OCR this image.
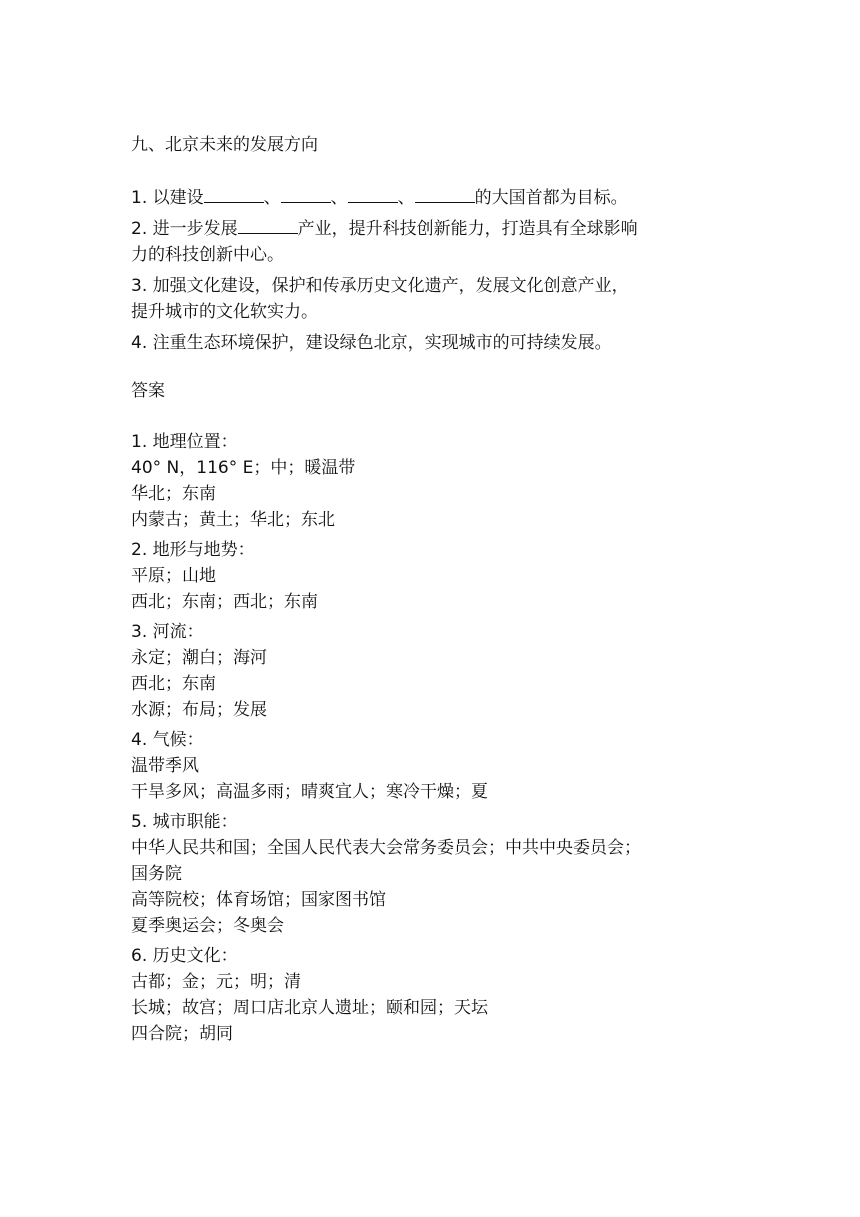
九、北京未来的发展方向

1. 以建设	、	、	、	的大国首都为目标。

2. 进一步发展	产业，提升科技创新能力，打造具有全球影响

力的科技创新中心。

3. 加强文化建设，保护和传承历史文化遗产，发展文化创意产业，

提升城市的文化软实力。

4. 注重生态环境保护，建设绿色北京，实现城市的可持续发展。

答案

1. 地理位置：

40° N，116° E；中；暖温带

华北；东南

内蒙古；黄土；华北；东北

2. 地形与地势：

平原；山地

西北；东南；西北；东南

3. 河流：

永定；潮白；海河

西北；东南

水源；布局；发展

4. 气候：

温带季风

干旱多风；高温多雨；晴爽宜人；寒冷干燥；夏

5. 城市职能：

中华人民共和国；全国人民代表大会常务委员会；中共中央委员会；

国务院

高等院校；体育场馆；国家图书馆

夏季奥运会；冬奥会

6. 历史文化：

古都；金；元；明；清

长城；故宫；周口店北京人遗址；颐和园；天坛

四合院；胡同
